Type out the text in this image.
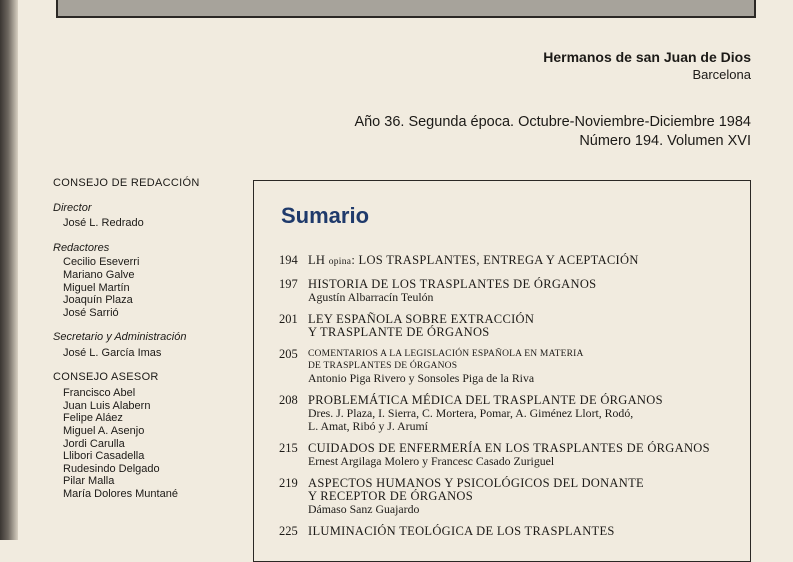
Hermanos de san Juan de Dios
Barcelona
Año 36. Segunda época. Octubre-Noviembre-Diciembre 1984
Número 194. Volumen XVI
CONSEJO DE REDACCIÓN
Director
José L. Redrado
Redactores
Cecilio Eseverri
Mariano Galve
Miguel Martín
Joaquín Plaza
José Sarrió
Secretario y Administración
José L. García Imas
CONSEJO ASESOR
Francisco Abel
Juan Luis Alabern
Felipe Aláez
Miguel A. Asenjo
Jordi Carulla
Llibori Casadella
Rudesindo Delgado
Pilar Malla
María Dolores Muntané
Sumario
194 LH opina: LOS TRASPLANTES, ENTREGA Y ACEPTACIÓN
197 HISTORIA DE LOS TRASPLANTES DE ÓRGANOS
Agustín Albarracín Teulón
201 LEY ESPAÑOLA SOBRE EXTRACCIÓN
Y TRASPLANTE DE ÓRGANOS
205	COMENTARIOS A LA LEGISLACIÓN ESPAÑOLA EN MATERIA
DE TRASPLANTES DE ÓRGANOS
Antonio Piga Rivero y Sonsoles Piga de la Riva
208 PROBLEMÁTICA MÉDICA DEL TRASPLANTE DE ÓRGANOS
Dres. J. Plaza, I. Sierra, C. Mortera, Pomar, A. Giménez Llort, Rodó,
L. Amat, Ribó y J. Arumí
215 CUIDADOS DE ENFERMERÍA EN LOS TRASPLANTES DE ÓRGANOS
Ernest Argilaga Molero y Francesc Casado Zuriguel
219 ASPECTOS HUMANOS Y PSICOLÓGICOS DEL DONANTE
Y RECEPTOR DE ÓRGANOS
Dámaso Sanz Guajardo
225 ILUMINACIÓN TEOLÓGICA DE LOS TRASPLANTES
